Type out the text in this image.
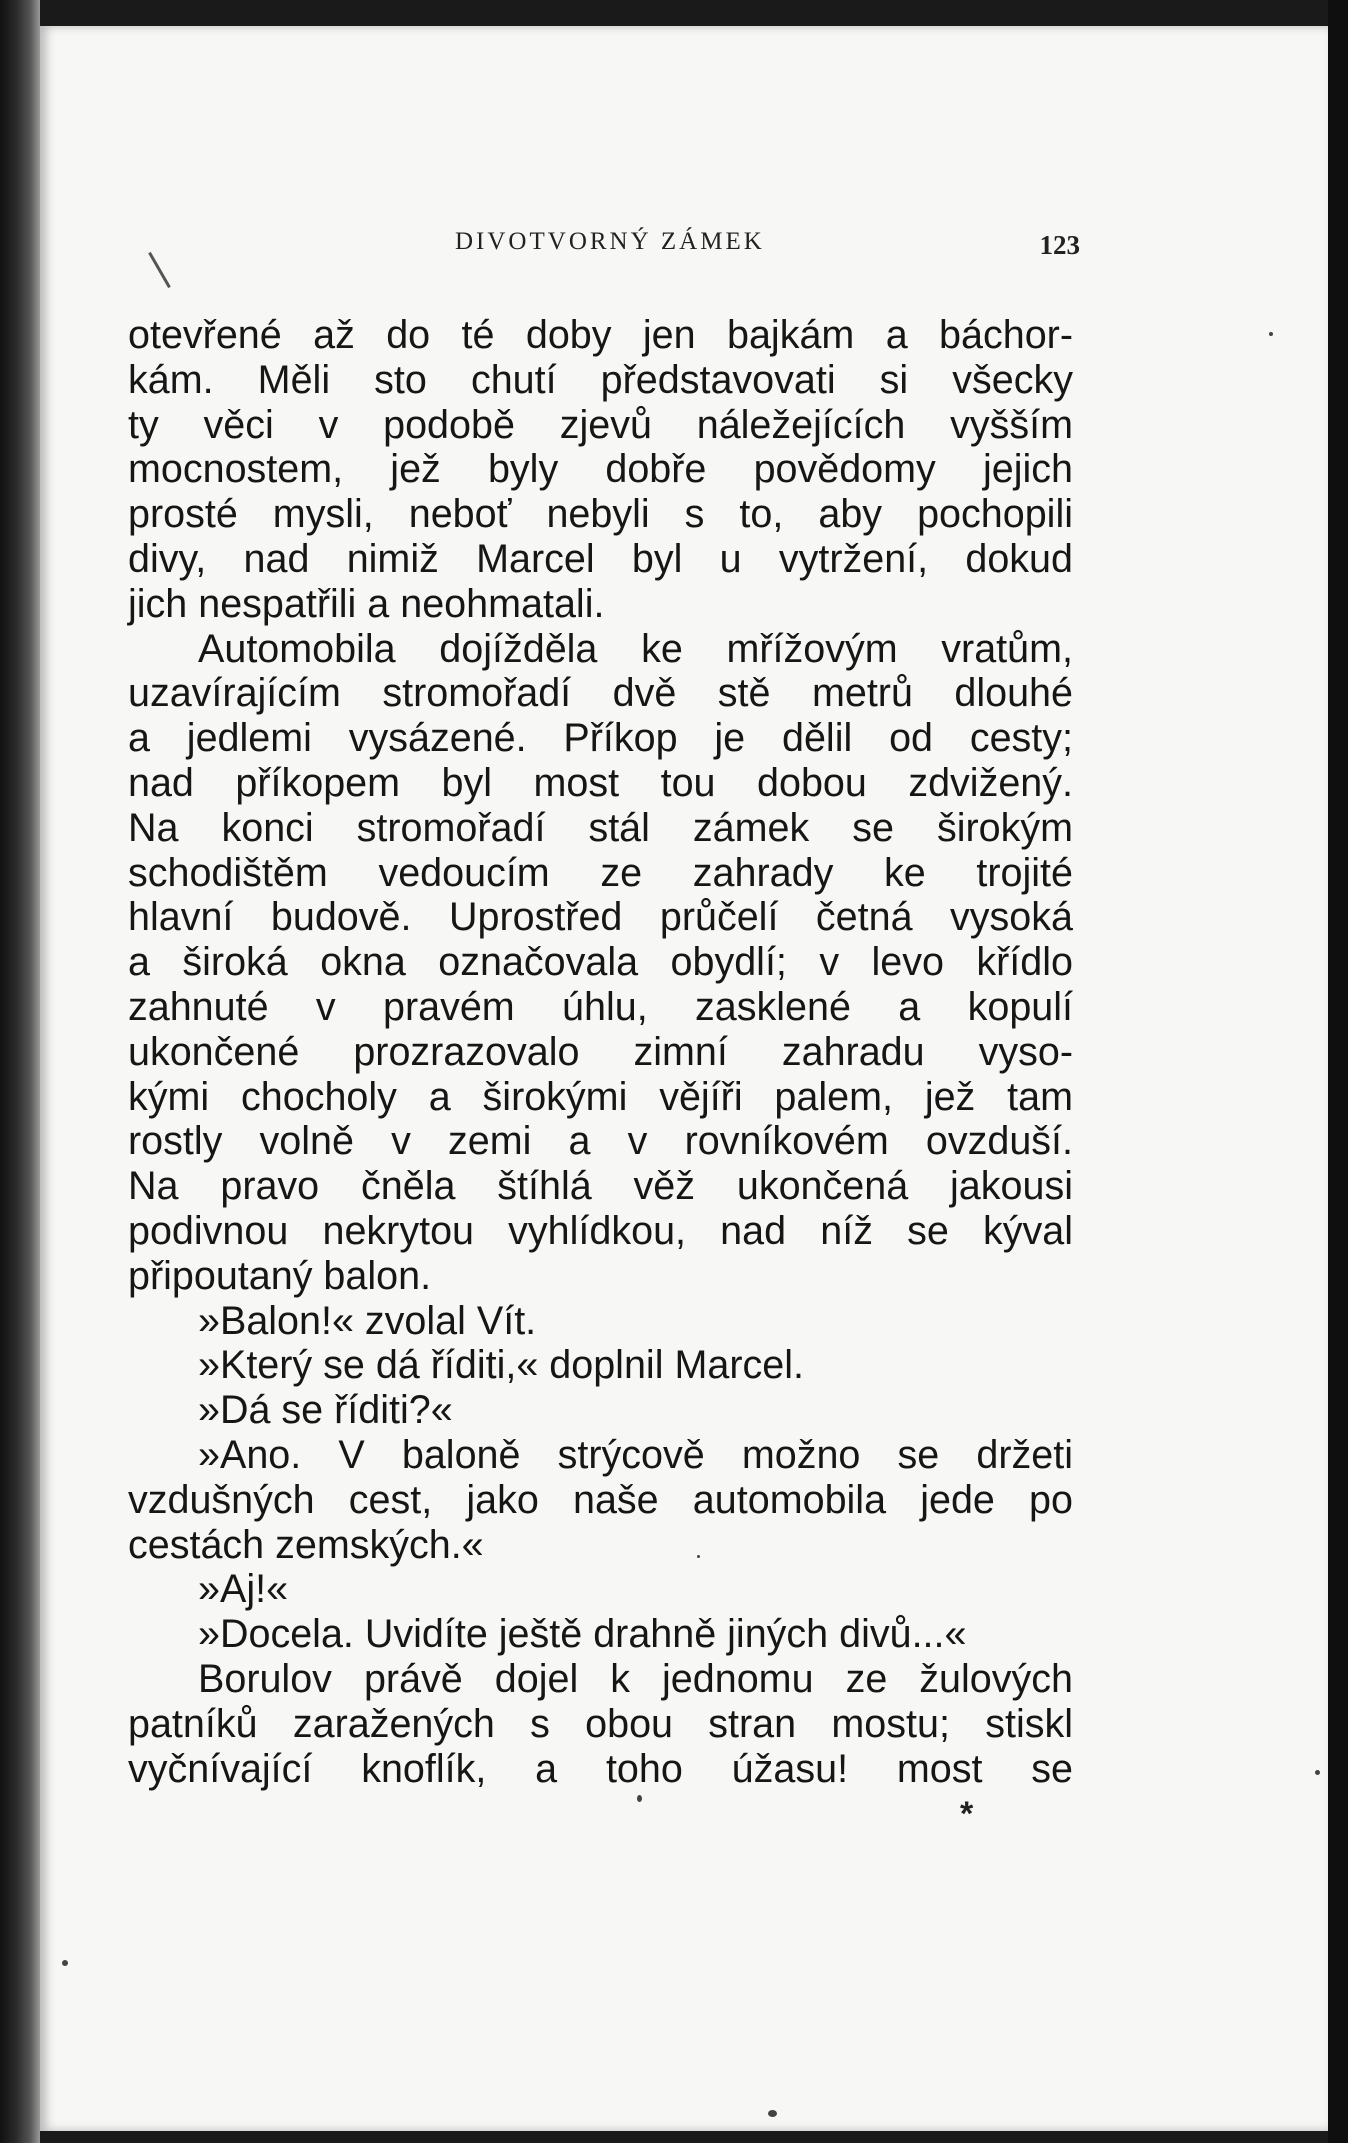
DIVOTVORNÝ ZÁMEK	123
otevřené až do té doby jen bajkám a báchor-
kám. Měli sto chutí představovati si všecky
ty věci v podobě zjevů náležejících vyšším
mocnostem, jež byly dobře povědomy jejich
prosté mysli, neboť nebyli s to, aby pochopili
divy, nad nimiž Marcel byl u vytržení, dokud
jich nespatřili a neohmatali.
Automobila dojížděla ke mřížovým vratům,
uzavírajícím stromořadí dvě stě metrů dlouhé
a jedlemi vysázené. Příkop je dělil od cesty;
nad příkopem byl most tou dobou zdvižený.
Na konci stromořadí stál zámek se širokým
schodištěm vedoucím ze zahrady ke trojité
hlavní budově. Uprostřed průčelí četná vysoká
a široká okna označovala obydlí; v levo křídlo
zahnuté v pravém úhlu, zasklené a kopulí
ukončené prozrazovalo zimní zahradu vyso-
kými chocholy a širokými vějíři palem, jež tam
rostly volně v zemi a v rovníkovém ovzduší.
Na pravo čněla štíhlá věž ukončená jakousi
podivnou nekrytou vyhlídkou, nad níž se kýval
připoutaný balon.
»Balon!« zvolal Vít.
»Který se dá říditi,« doplnil Marcel.
»Dá se říditi?«
»Ano. V baloně strýcově možno se držeti
vzdušných cest, jako naše automobila jede po
cestách zemských.«
»Aj!«
»Docela. Uvidíte ještě drahně jiných divů...«
Borulov právě dojel k jednomu ze žulových
patníků zaražených s obou stran mostu; stiskl
vyčnívající knoflík, a toho úžasu! most se
*
